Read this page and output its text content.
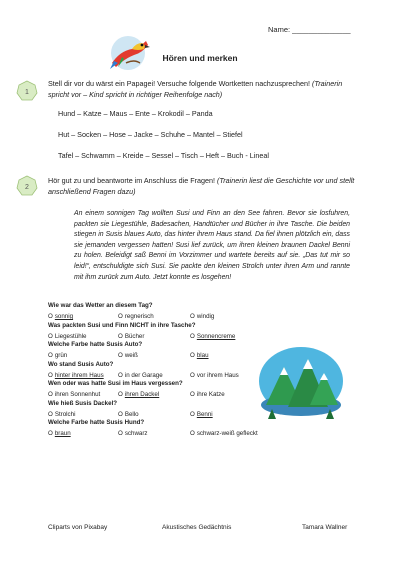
Name: ______________
Hören und merken
1
Stell dir vor du wärst ein Papagei! Versuche folgende Wortketten nachzusprechen! (Trainerin spricht vor – Kind spricht in richtiger Reihenfolge nach)
Hund – Katze – Maus – Ente – Krokodil – Panda
Hut – Socken – Hose – Jacke – Schuhe – Mantel – Stiefel
Tafel – Schwamm – Kreide – Sessel – Tisch – Heft – Buch - Lineal
2
Hör gut zu und beantworte im Anschluss die Fragen! (Trainerin liest die Geschichte vor und stellt anschließend Fragen dazu)
An einem sonnigen Tag wollten Susi und Finn an den See fahren. Bevor sie losfuhren, packten sie Liegestühle, Badesachen, Handtücher und Bücher in ihre Tasche. Die beiden stiegen in Susis blaues Auto, das hinter ihrem Haus stand. Da fiel ihnen plötzlich ein, dass sie jemanden vergessen hatten! Susi lief zurück, um ihren kleinen braunen Dackel Benni zu holen. Beleidigt saß Benni im Vorzimmer und wartete bereits auf sie. „Das tut mir so leid!“, entschuldigte sich Susi. Sie packte den kleinen Strolch unter ihren Arm und rannte mit ihm zurück zum Auto. Jetzt konnte es losgehen!
Wie war das Wetter an diesem Tag?
O sonnig	O regnerisch	O windig
Was packten Susi und Finn NICHT in ihre Tasche?
O Liegestühle	O Bücher	O Sonnencreme
Welche Farbe hatte Susis Auto?
O grün	O weiß	O blau
Wo stand Susis Auto?
O hinter ihrem Haus O in der Garage	O vor ihrem Haus
Wen oder was hatte Susi im Haus vergessen?
O ihren Sonnenhut	O ihren Dackel	O ihre Katze
Wie hieß Susis Dackel?
O Strolchi	O Bello	O Benni
Welche Farbe hatte Susis Hund?
O braun	O schwarz	O schwarz-weiß gefleckt
Cliparts von Pixabay	Akustisches Gedächtnis	Tamara Wallner
